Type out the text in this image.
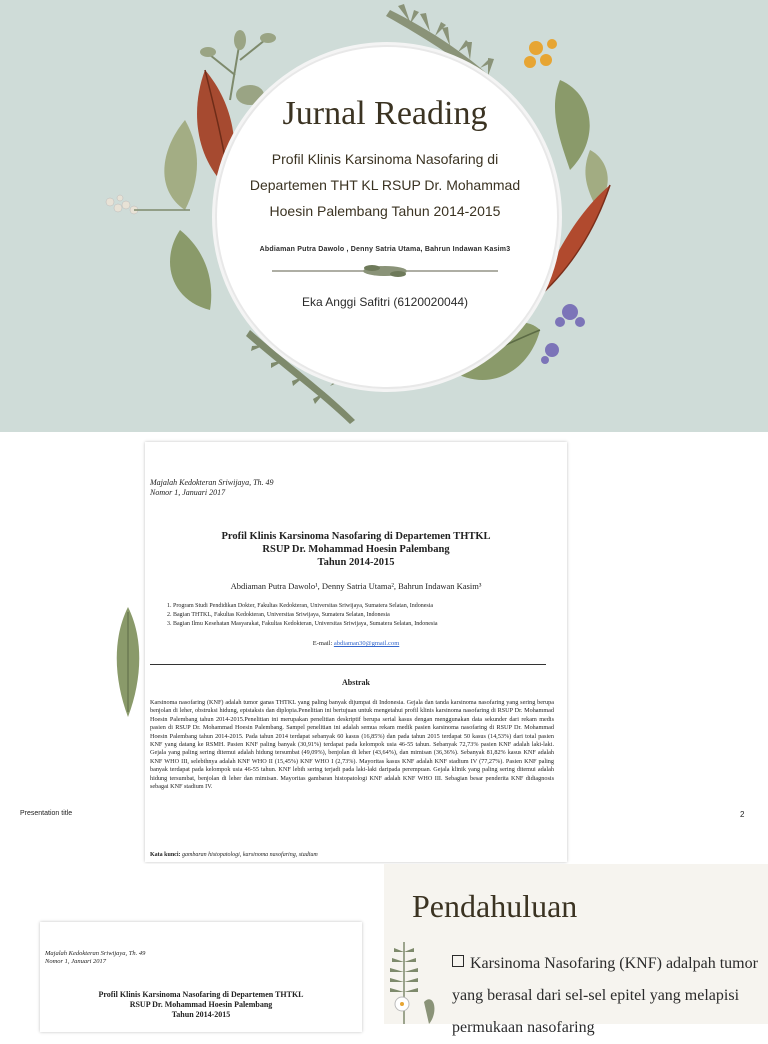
Jurnal Reading
Profil Klinis Karsinoma Nasofaring di Departemen THT KL RSUP Dr. Mohammad Hoesin Palembang Tahun 2014-2015
Abdiaman Putra Dawolo , Denny Satria Utama, Bahrun Indawan Kasim3
Eka Anggi Safitri (6120020044)
Majalah Kedokteran Sriwijaya, Th. 49
Nomor 1, Januari 2017
Profil Klinis Karsinoma Nasofaring di Departemen THTKL
RSUP Dr. Mohammad Hoesin Palembang
Tahun 2014-2015
Abdiaman Putra Dawolo¹, Denny Satria Utama², Bahrun Indawan Kasim³
1. Program Studi Pendidikan Dokter, Fakultas Kedokteran, Universitas Sriwijaya, Sumatera Selatan, Indonesia
2. Bagian THTKL, Fakultas Kedokteran, Universitas Sriwijaya, Sumatera Selatan, Indonesia
3. Bagian Ilmu Kesehatan Masyarakat, Fakultas Kedokteran, Universitas Sriwijaya, Sumatera Selatan, Indonesia
E-mail: abdiaman30@gmail.com
Abstrak
Karsinoma nasofaring (KNF) adalah tumor ganas THTKL yang paling banyak dijumpai di Indonesia. Gejala dan tanda karsinoma nasofaring yang sering berupa benjolan di leher, obstruksi hidung, epistaksis dan diplopia.Penelitian ini bertujuan untuk mengetahui profil klinis karsinoma nasofaring di RSUP Dr. Mohammad Hoesin Palembang tahun 2014-2015.Penelitian ini merupakan penelitian deskriptif berupa serial kasus dengan menggunakan data sekunder dari rekam medis pasien di RSUP Dr. Mohammad Hoesin Palembang. Sampel penelitian ini adalah semua rekam medik pasien karsinoma nasofaring di RSUP Dr. Mohammad Hoesin Palembang tahun 2014-2015. Pada tahun 2014 terdapat sebanyak 60 kasus (16,85%) dan pada tahun 2015 terdapat 50 kasus (14,53%) dari total pasien KNF yang datang ke RSMH. Pasien KNF paling banyak (30,91%) terdapat pada kelompok usia 46-55 tahun. Sebanyak 72,73% pasien KNF adalah laki-laki. Gejala yang paling sering ditemui adalah hidung tersumbat (49,09%), benjolan di leher (43,64%), dan mimisan (36,36%). Sebanyak 81,82% kasus KNF adalah KNF WHO III, selebihnya adalah KNF WHO II (15,45%) KNF WHO I (2,73%). Mayoritas kasus KNF adalah KNF stadium IV (77,27%). Pasien KNF paling banyak terdapat pada kelompok usia 46-55 tahun. KNF lebih sering terjadi pada laki-laki daripada perempuan. Gejala klinik yang paling sering ditemui adalah hidung tersumbat, benjolan di leher dan mimisan. Mayoritas gambaran histopatologi KNF adalah KNF WHO III. Sebagian besar penderita KNF didiagnosis sebagai KNF stadium IV.
Kata kunci: gambaran histopatologi, karsinoma nasofaring, stadium
Presentation title	2
Majalah Kedokteran Sriwijaya, Th. 49
Nomor 1, Januari 2017
Profil Klinis Karsinoma Nasofaring di Departemen THTKL
RSUP Dr. Mohammad Hoesin Palembang
Tahun 2014-2015
Pendahuluan
Karsinoma Nasofaring (KNF) adalpah tumor yang berasal dari sel-sel epitel yang melapisi permukaan nasofaring
